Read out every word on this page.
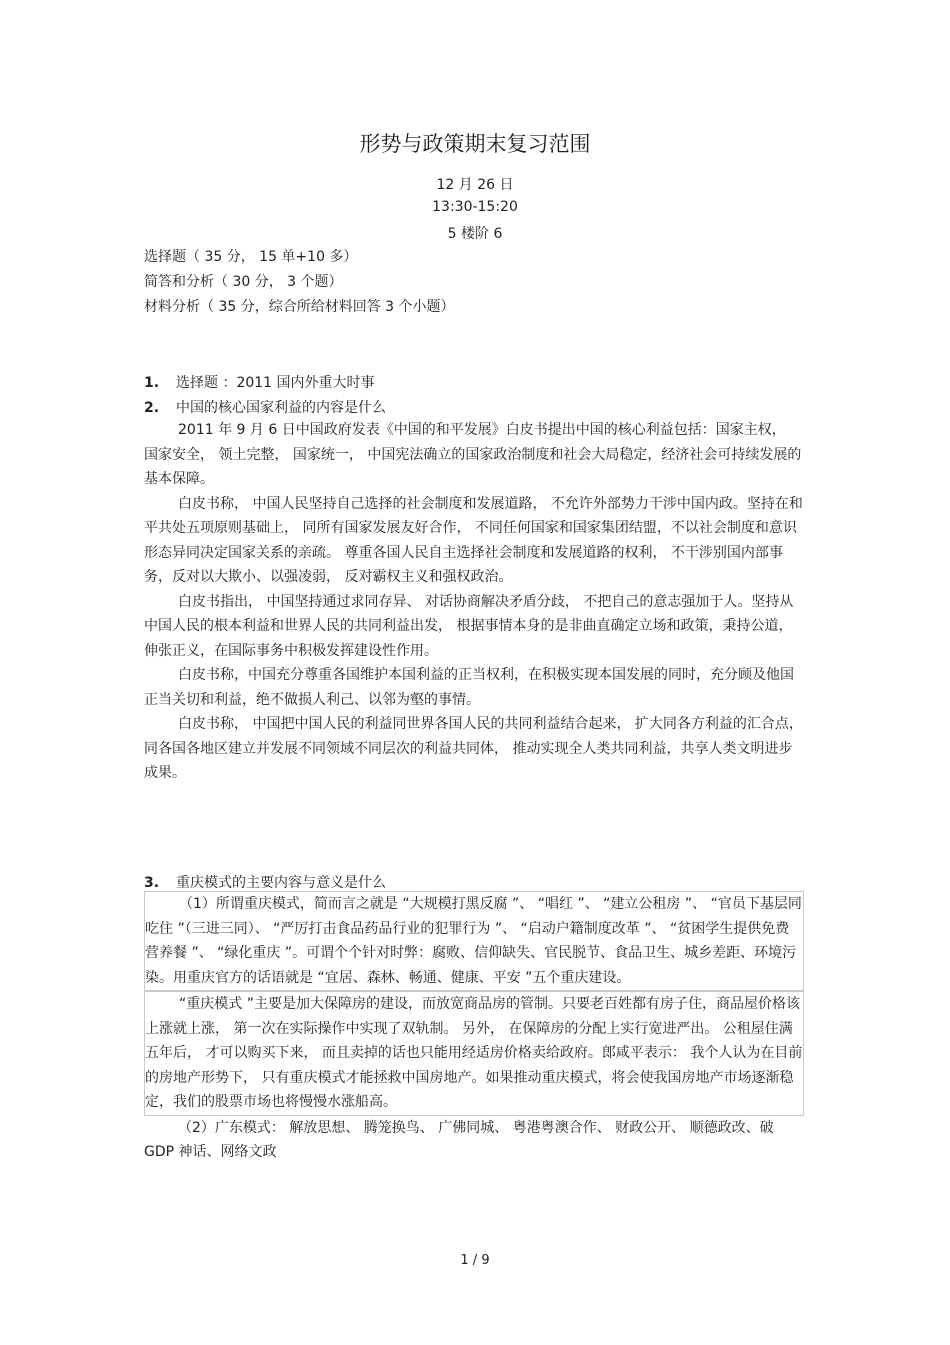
形势与政策期末复习范围
12 月 26 日
13:30-15:20
5 楼阶 6
选择题（ 35 分， 15 单+10 多）
简答和分析（ 30 分， 3 个题）
材料分析（ 35 分，综合所给材料回答 3 个小题）
1. 选择题 ：2011 国内外重大时事
2. 中国的核心国家利益的内容是什么

2011 年 9 月 6 日中国政府发表《中国的和平发展》白皮书提出中国的核心利益包括：国家主权， 国家安全， 领土完整， 国家统一， 中国宪法确立的国家政治制度和社会大局稳定，经济社会可持续发展的基本保障。

白皮书称， 中国人民坚持自己选择的社会制度和发展道路， 不允许外部势力干涉中国内政。坚持在和平共处五项原则基础上， 同所有国家发展友好合作， 不同任何国家和国家集团结盟，不以社会制度和意识形态异同决定国家关系的亲疏。 尊重各国人民自主选择社会制度和发展道路的权利， 不干涉别国内部事务，反对以大欺小、以强凌弱， 反对霸权主义和强权政治。

白皮书指出， 中国坚持通过求同存异、 对话协商解决矛盾分歧， 不把自己的意志强加于人。坚持从中国人民的根本利益和世界人民的共同利益出发， 根据事情本身的是非曲直确定立场和政策，秉持公道，伸张正义，在国际事务中积极发挥建设性作用。

白皮书称，中国充分尊重各国维护本国利益的正当权利，在积极实现本国发展的同时，充分顾及他国正当关切和利益，绝不做损人利己、以邻为壑的事情。

白皮书称， 中国把中国人民的利益同世界各国人民的共同利益结合起来， 扩大同各方利益的汇合点， 同各国各地区建立并发展不同领域不同层次的利益共同体， 推动实现全人类共同利益，共享人类文明进步成果。

3. 重庆模式的主要内容与意义是什么

（1）所谓重庆模式，简而言之就是 “大规模打黑反腐 ”、 “唱红 ”、 “建立公租房 ”、 “官员下基层同吃住 ”（三进三同）、 “严厉打击食品药品行业的犯罪行为 ”、 “启动户籍制度改革 ”、 “贫困学生提供免费营养餐 ”、 “绿化重庆 ”。可谓个个针对时弊：腐败、信仰缺失、官民脱节、食品卫生、城乡差距、环境污染。用重庆官方的话语就是 “宜居、森林、畅通、健康、平安 ”五个重庆建设。

“重庆模式 ”主要是加大保障房的建设，而放宽商品房的管制。只要老百姓都有房子住，商品屋价格该上涨就上涨， 第一次在实际操作中实现了双轨制。 另外， 在保障房的分配上实行宽进严出。 公租屋住满五年后， 才可以购买下来， 而且卖掉的话也只能用经适房价格卖给政府。郎咸平表示： 我个人认为在目前的房地产形势下， 只有重庆模式才能拯救中国房地产。如果推动重庆模式，将会使我国房地产市场逐渐稳定，我们的股票市场也将慢慢水涨船高。

（2）广东模式： 解放思想、 腾笼换鸟、 广佛同城、 粤港粤澳合作、 财政公开、 顺德政改、破 GDP 神话、网络文政

1 / 9
